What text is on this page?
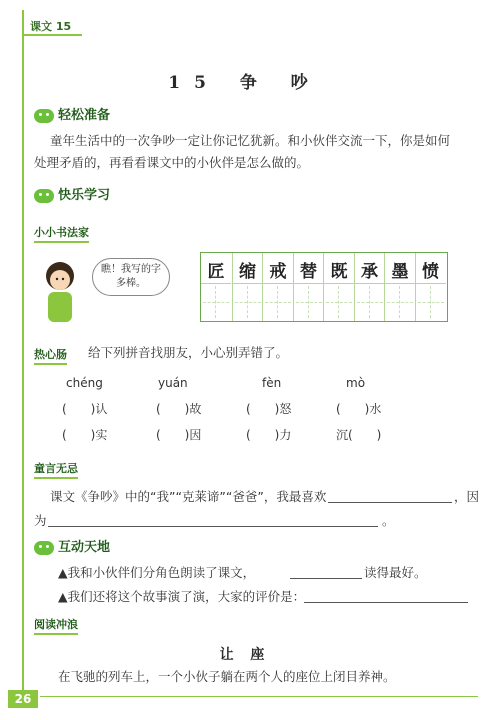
课文 15
15 争 吵
轻松准备
童年生活中的一次争吵一定让你记忆犹新。和小伙伴交流一下，你是如何
处理矛盾的，再看看课文中的小伙伴是怎么做的。
快乐学习
小小书法家
瞧！我写的字多棒。
匠 缩 戒 替 既 承 墨 愤
热心肠 给下列拼音找朋友，小心别弄错了。
chéng	yuán	fèn	mò
(　　)认	(　　)故	(　　)怒	(　　)水
(　　)实	(　　)因	(　　)力	沉(　　)
童言无忌
课文《争吵》中的“我”“克莱谛”“爸爸”，我最喜欢	，因
为	。
互动天地
▲我和小伙伴们分角色朗读了课文，	读得最好。
▲我们还将这个故事演了演，大家的评价是：
阅读冲浪
让 座
在飞驰的列车上，一个小伙子躺在两个人的座位上闭目养神。
26
